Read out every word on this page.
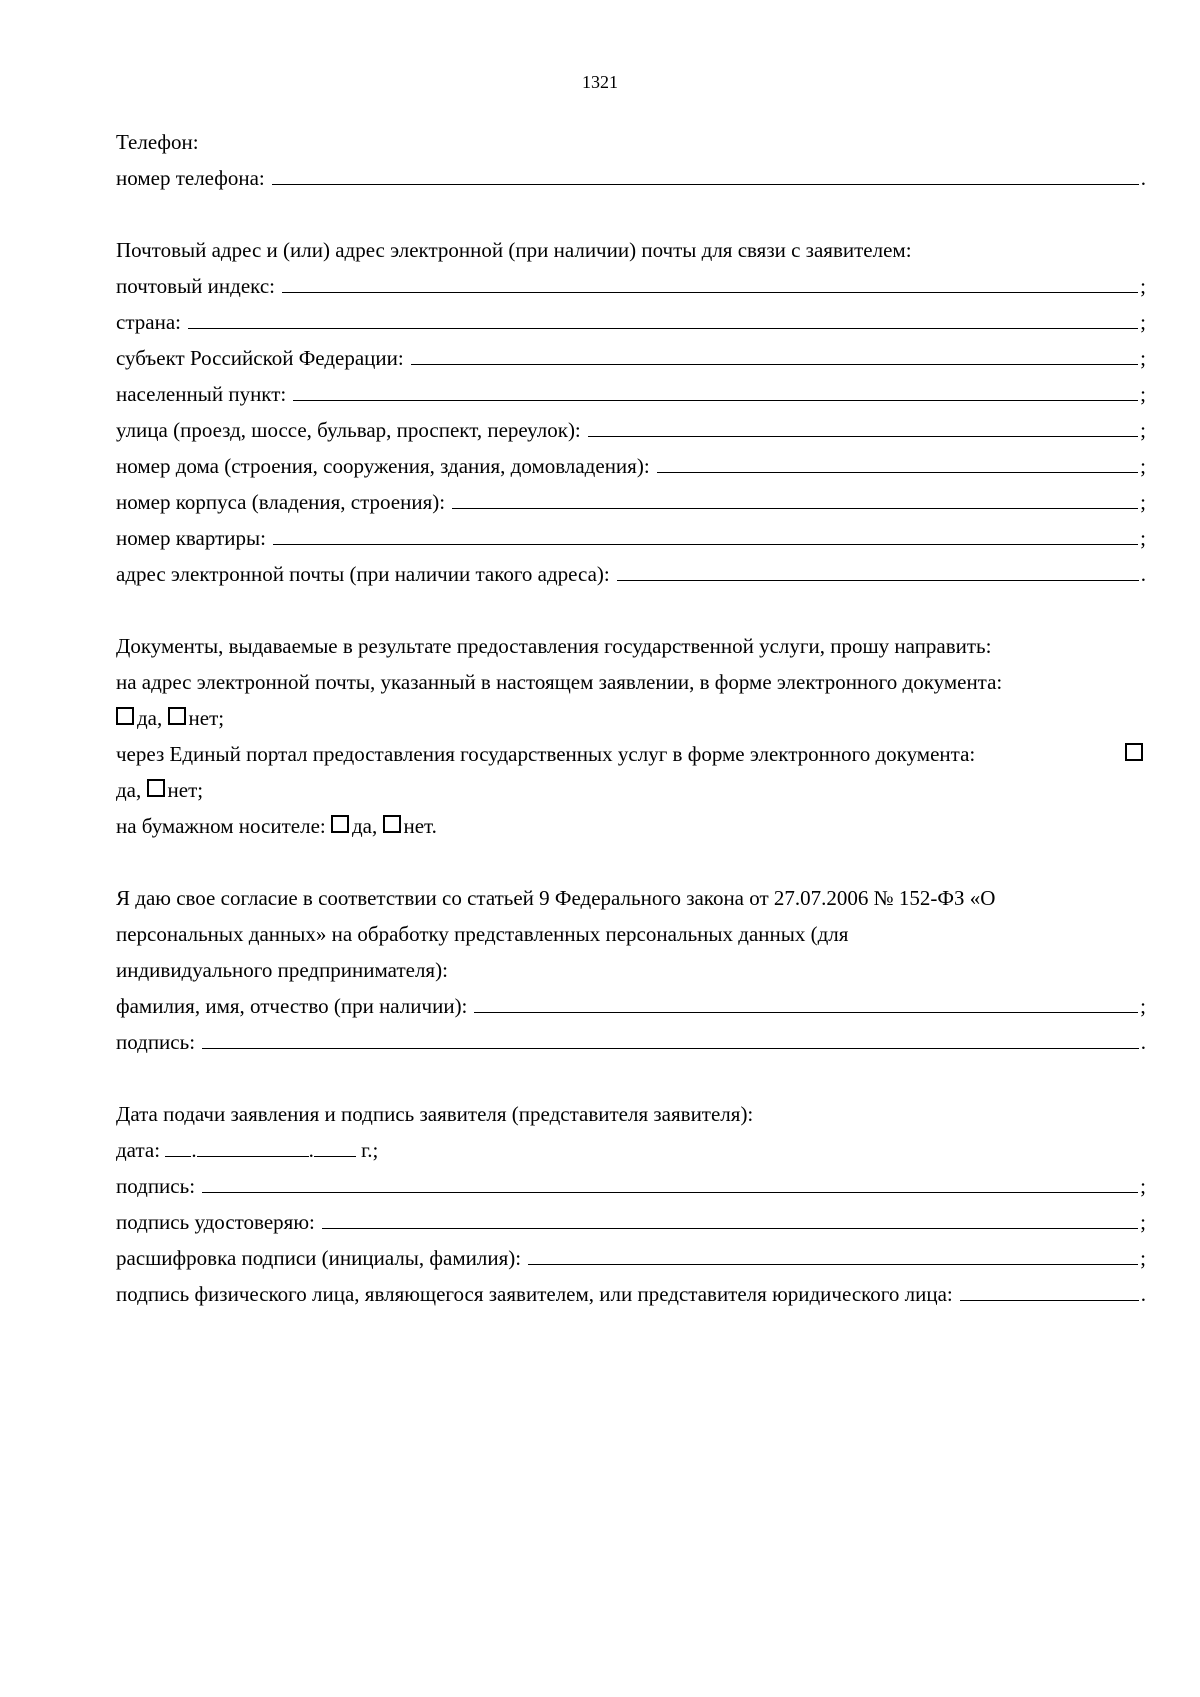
1321
Телефон:
номер телефона:	.
Почтовый адрес и (или) адрес электронной (при наличии) почты для связи с заявителем:
почтовый индекс:	;
страна:	;
субъект Российской Федерации:	;
населенный пункт:	;
улица (проезд, шоссе, бульвар, проспект, переулок):	;
номер дома (строения, сооружения, здания, домовладения):	;
номер корпуса (владения, строения):	;
номер квартиры:	;
адрес электронной почты (при наличии такого адреса):	.
Документы, выдаваемые в результате предоставления государственной услуги, прошу направить:
на адрес электронной почты, указанный в настоящем заявлении, в форме электронного документа:
да,
нет;
через Единый портал предоставления государственных услуг в форме электронного документа:
да,
нет;
на бумажном носителе:
да,
нет.
Я даю свое согласие в соответствии со статьей 9 Федерального закона от 27.07.2006 № 152-ФЗ «О
персональных данных» на обработку представленных персональных данных (для
индивидуального предпринимателя):
фамилия, имя, отчество (при наличии):	;
подпись:	.
Дата подачи заявления и подпись заявителя (представителя заявителя):
дата:
.	.
г.;
подпись:	;
подпись удостоверяю:	;
расшифровка подписи (инициалы, фамилия):	;
подпись физического лица, являющегося заявителем, или представителя юридического лица:	.
